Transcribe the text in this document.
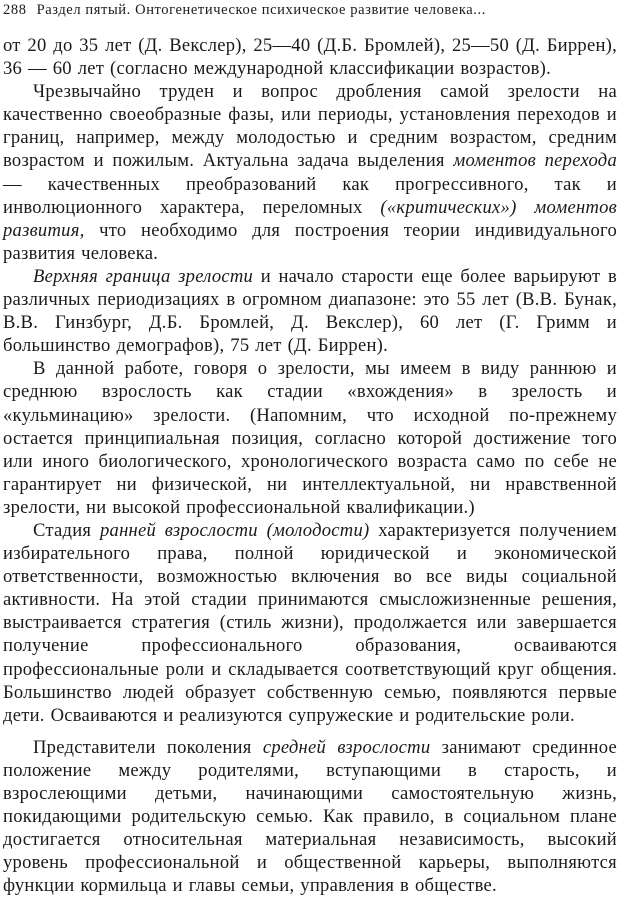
288 Раздел пятый. Онтогенетическое психическое развитие человека...

от 20 до 35 лет (Д. Векслер), 25—40 (Д.Б. Бромлей), 25—50 (Д. Биррен), 36 — 60 лет (согласно международной классификации возрастов).

Чрезвычайно труден и вопрос дробления самой зрелости на качественно своеобразные фазы, или периоды, установления переходов и границ, например, между молодостью и средним возрастом, средним возрастом и пожилым. Актуальна задача выделения моментов перехода — качественных преобразований как прогрессивного, так и инволюционного характера, переломных («критических») моментов развития, что необходимо для построения теории индивидуального развития человека.

Верхняя граница зрелости и начало старости еще более варьируют в различных периодизациях в огромном диапазоне: это 55 лет (В.В. Бунак, В.В. Гинзбург, Д.Б. Бромлей, Д. Векслер), 60 лет (Г. Гримм и большинство демографов), 75 лет (Д. Биррен).

В данной работе, говоря о зрелости, мы имеем в виду раннюю и среднюю взрослость как стадии «вхождения» в зрелость и «кульминацию» зрелости. (Напомним, что исходной по-прежнему остается принципиальная позиция, согласно которой достижение того или иного биологического, хронологического возраста само по себе не гарантирует ни физической, ни интеллектуальной, ни нравственной зрелости, ни высокой профессиональной квалификации.)

Стадия ранней взрослости (молодости) характеризуется получением избирательного права, полной юридической и экономической ответственности, возможностью включения во все виды социальной активности. На этой стадии принимаются смысложизненные решения, выстраивается стратегия (стиль жизни), продолжается или завершается получение профессионального образования, осваиваются профессиональные роли и складывается соответствующий круг общения. Большинство людей образует собственную семью, появляются первые дети. Осваиваются и реализуются супружеские и родительские роли.

Представители поколения средней взрослости занимают срединное положение между родителями, вступающими в старость, и взрослеющими детьми, начинающими самостоятельную жизнь, покидающими родительскую семью. Как правило, в социальном плане достигается относительная материальная независимость, высокий уровень профессиональной и общественной карьеры, выполняются функции кормильца и главы семьи, управления в обществе.
